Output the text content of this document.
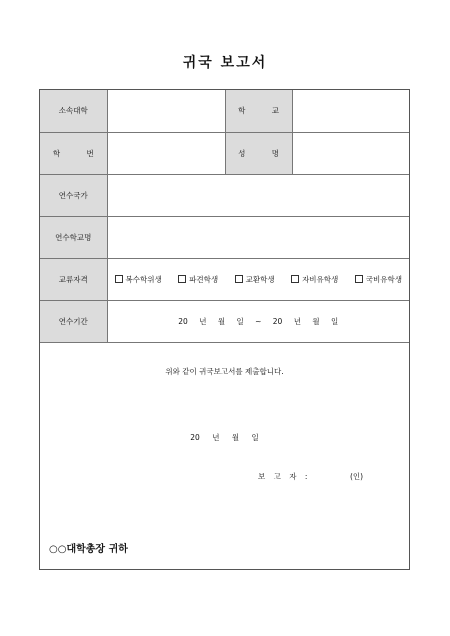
귀국 보고서
소속대학		학 교	
학 번		성 명	
연수국가			
연수학교명			
교류자격	복수학위생 파견학생 교환학생 자비유학생 국비유학생		

연수기간	20 년 월 일 ~ 20 년 월 일		
위와 같이 귀국보고서를 제출합니다.
20 년 월 일
보 고 자 :	(인)
○○대학총장 귀하
